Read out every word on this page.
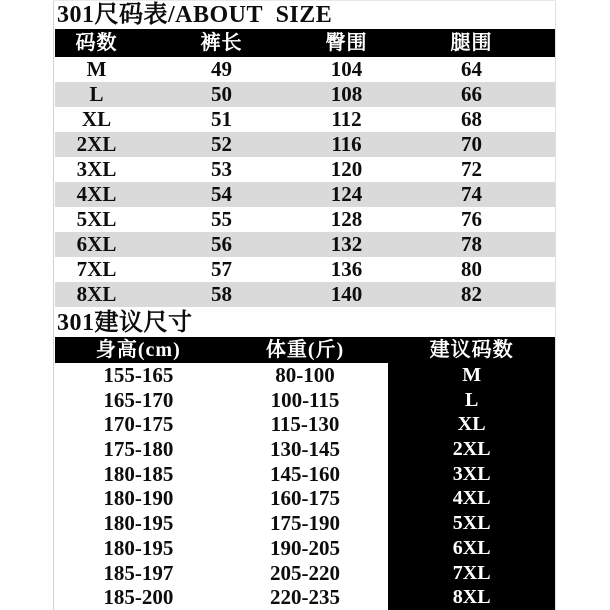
301尺码表/ABOUT  SIZE
码数	裤长	臀围	腿围
M	49	104	64
L	50	108	66
XL	51	112	68
2XL	52	116	70
3XL	53	120	72
4XL	54	124	74
5XL	55	128	76
6XL	56	132	78
7XL	57	136	80
8XL	58	140	82
301建议尺寸
身高(cm)	体重(斤)	建议码数
155-165	80-100	M
165-170	100-115	L
170-175	115-130	XL
175-180	130-145	2XL
180-185	145-160	3XL
180-190	160-175	4XL
180-195	175-190	5XL
180-195	190-205	6XL
185-197	205-220	7XL
185-200	220-235	8XL
